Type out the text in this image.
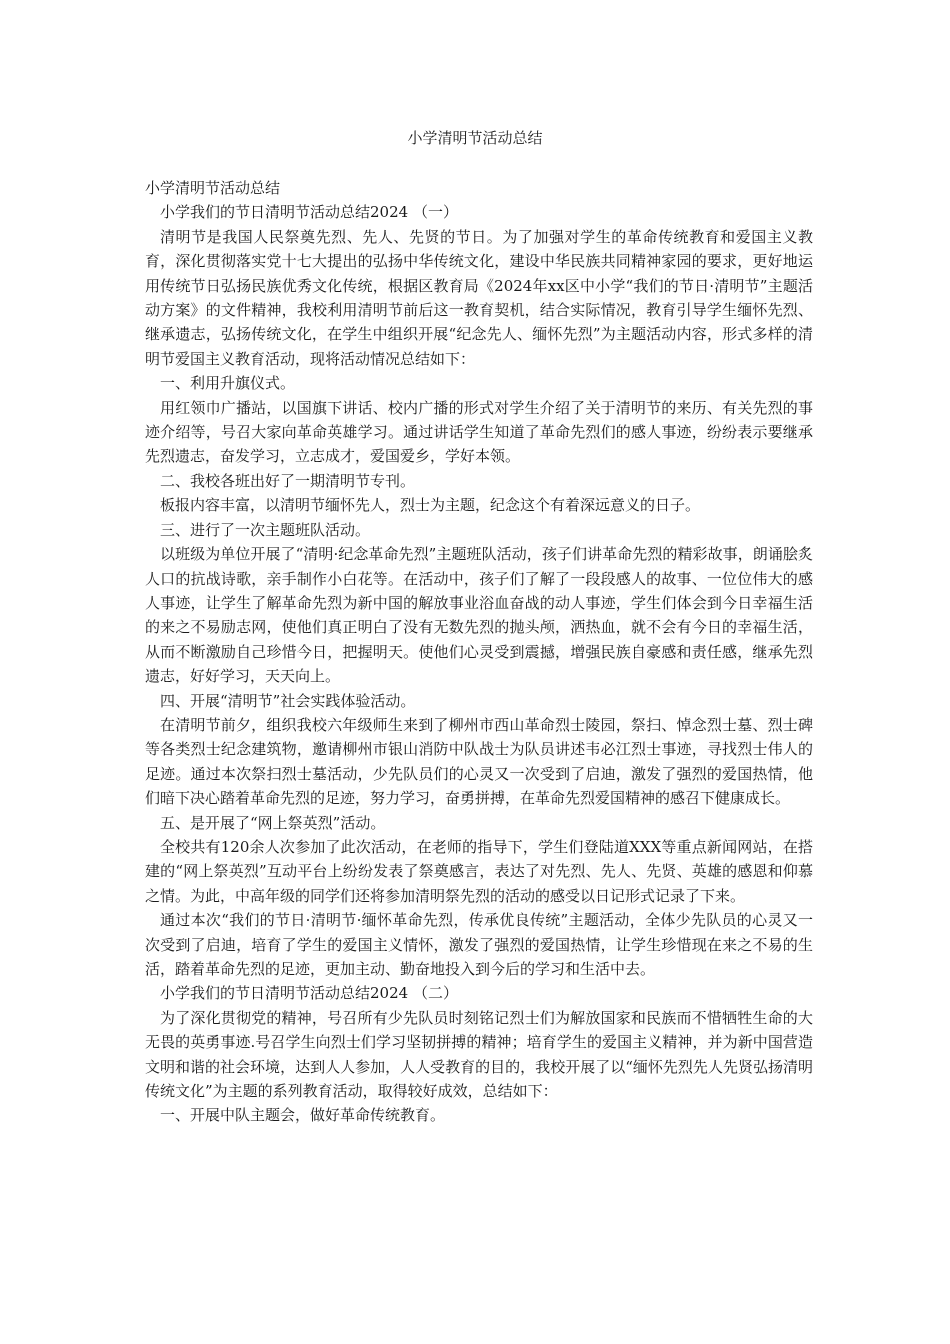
小学清明节活动总结

小学清明节活动总结

小学我们的节日清明节活动总结2024 （一）

清明节是我国人民祭奠先烈、先人、先贤的节日。为了加强对学生的革命传统教育和爱国主义教育，深化贯彻落实党十七大提出的弘扬中华传统文化，建设中华民族共同精神家园的要求，更好地运用传统节日弘扬民族优秀文化传统，根据区教育局《2024年xx区中小学“我们的节日·清明节”主题活动方案》的文件精神，我校利用清明节前后这一教育契机，结合实际情况，教育引导学生缅怀先烈、继承遗志，弘扬传统文化，在学生中组织开展“纪念先人、缅怀先烈”为主题活动内容，形式多样的清明节爱国主义教育活动，现将活动情况总结如下：

一、利用升旗仪式。

用红领巾广播站，以国旗下讲话、校内广播的形式对学生介绍了关于清明节的来历、有关先烈的事迹介绍等，号召大家向革命英雄学习。通过讲话学生知道了革命先烈们的感人事迹，纷纷表示要继承先烈遗志，奋发学习，立志成才，爱国爱乡，学好本领。

二、我校各班出好了一期清明节专刊。

板报内容丰富，以清明节缅怀先人，烈士为主题，纪念这个有着深远意义的日子。

三、进行了一次主题班队活动。

以班级为单位开展了“清明·纪念革命先烈”主题班队活动，孩子们讲革命先烈的精彩故事，朗诵脍炙人口的抗战诗歌，亲手制作小白花等。在活动中，孩子们了解了一段段感人的故事、一位位伟大的感人事迹，让学生了解革命先烈为新中国的解放事业浴血奋战的动人事迹，学生们体会到今日幸福生活的来之不易励志网，使他们真正明白了没有无数先烈的抛头颅，洒热血，就不会有今日的幸福生活，从而不断激励自己珍惜今日，把握明天。使他们心灵受到震撼，增强民族自豪感和责任感，继承先烈遗志，好好学习，天天向上。

四、开展“清明节”社会实践体验活动。

在清明节前夕，组织我校六年级师生来到了柳州市西山革命烈士陵园，祭扫、悼念烈士墓、烈士碑等各类烈士纪念建筑物，邀请柳州市银山消防中队战士为队员讲述韦必江烈士事迹，寻找烈士伟人的足迹。通过本次祭扫烈士墓活动，少先队员们的心灵又一次受到了启迪，激发了强烈的爱国热情，他们暗下决心踏着革命先烈的足迹，努力学习，奋勇拼搏，在革命先烈爱国精神的感召下健康成长。

五、是开展了“网上祭英烈”活动。

全校共有120余人次参加了此次活动，在老师的指导下，学生们登陆道XXX等重点新闻网站，在搭建的“网上祭英烈”互动平台上纷纷发表了祭奠感言，表达了对先烈、先人、先贤、英雄的感恩和仰慕之情。为此，中高年级的同学们还将参加清明祭先烈的活动的感受以日记形式记录了下来。

通过本次“我们的节日·清明节·缅怀革命先烈，传承优良传统”主题活动，全体少先队员的心灵又一次受到了启迪，培育了学生的爱国主义情怀，激发了强烈的爱国热情，让学生珍惜现在来之不易的生活，踏着革命先烈的足迹，更加主动、勤奋地投入到今后的学习和生活中去。

小学我们的节日清明节活动总结2024 （二）

为了深化贯彻党的精神，号召所有少先队员时刻铭记烈士们为解放国家和民族而不惜牺牲生命的大无畏的英勇事迹.号召学生向烈士们学习坚韧拼搏的精神；培育学生的爱国主义精神，并为新中国营造文明和谐的社会环境，达到人人参加，人人受教育的目的，我校开展了以“缅怀先烈先人先贤弘扬清明传统文化”为主题的系列教育活动，取得较好成效，总结如下：

一、开展中队主题会，做好革命传统教育。
